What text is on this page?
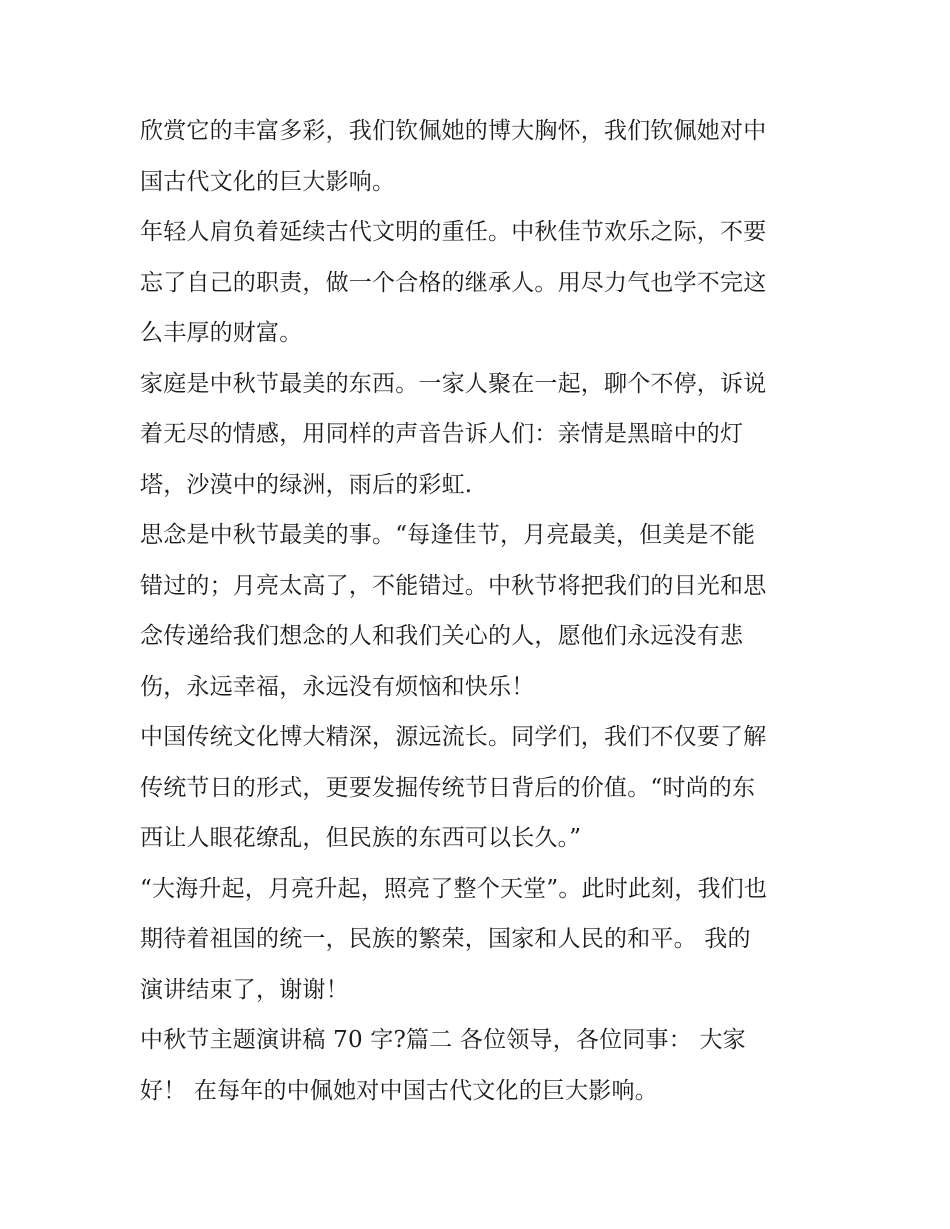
欣赏它的丰富多彩，我们钦佩她的博大胸怀，我们钦佩她对中
国古代文化的巨大影响。
年轻人肩负着延续古代文明的重任。中秋佳节欢乐之际，不要
忘了自己的职责，做一个合格的继承人。用尽力气也学不完这
么丰厚的财富。
家庭是中秋节最美的东西。一家人聚在一起，聊个不停，诉说
着无尽的情感，用同样的声音告诉人们：亲情是黑暗中的灯
塔，沙漠中的绿洲，雨后的彩虹.
思念是中秋节最美的事。“每逢佳节，月亮最美，但美是不能
错过的；月亮太高了，不能错过。中秋节将把我们的目光和思
念传递给我们想念的人和我们关心的人，愿他们永远没有悲
伤，永远幸福，永远没有烦恼和快乐！
中国传统文化博大精深，源远流长。同学们，我们不仅要了解
传统节日的形式，更要发掘传统节日背后的价值。“时尚的东
西让人眼花缭乱，但民族的东西可以长久。”
“大海升起，月亮升起，照亮了整个天堂”。此时此刻，我们也
期待着祖国的统一，民族的繁荣，国家和人民的和平。 我的
演讲结束了，谢谢！
中秋节主题演讲稿 70 字?篇二 各位领导，各位同事： 大家
好！ 在每年的中佩她对中国古代文化的巨大影响。
